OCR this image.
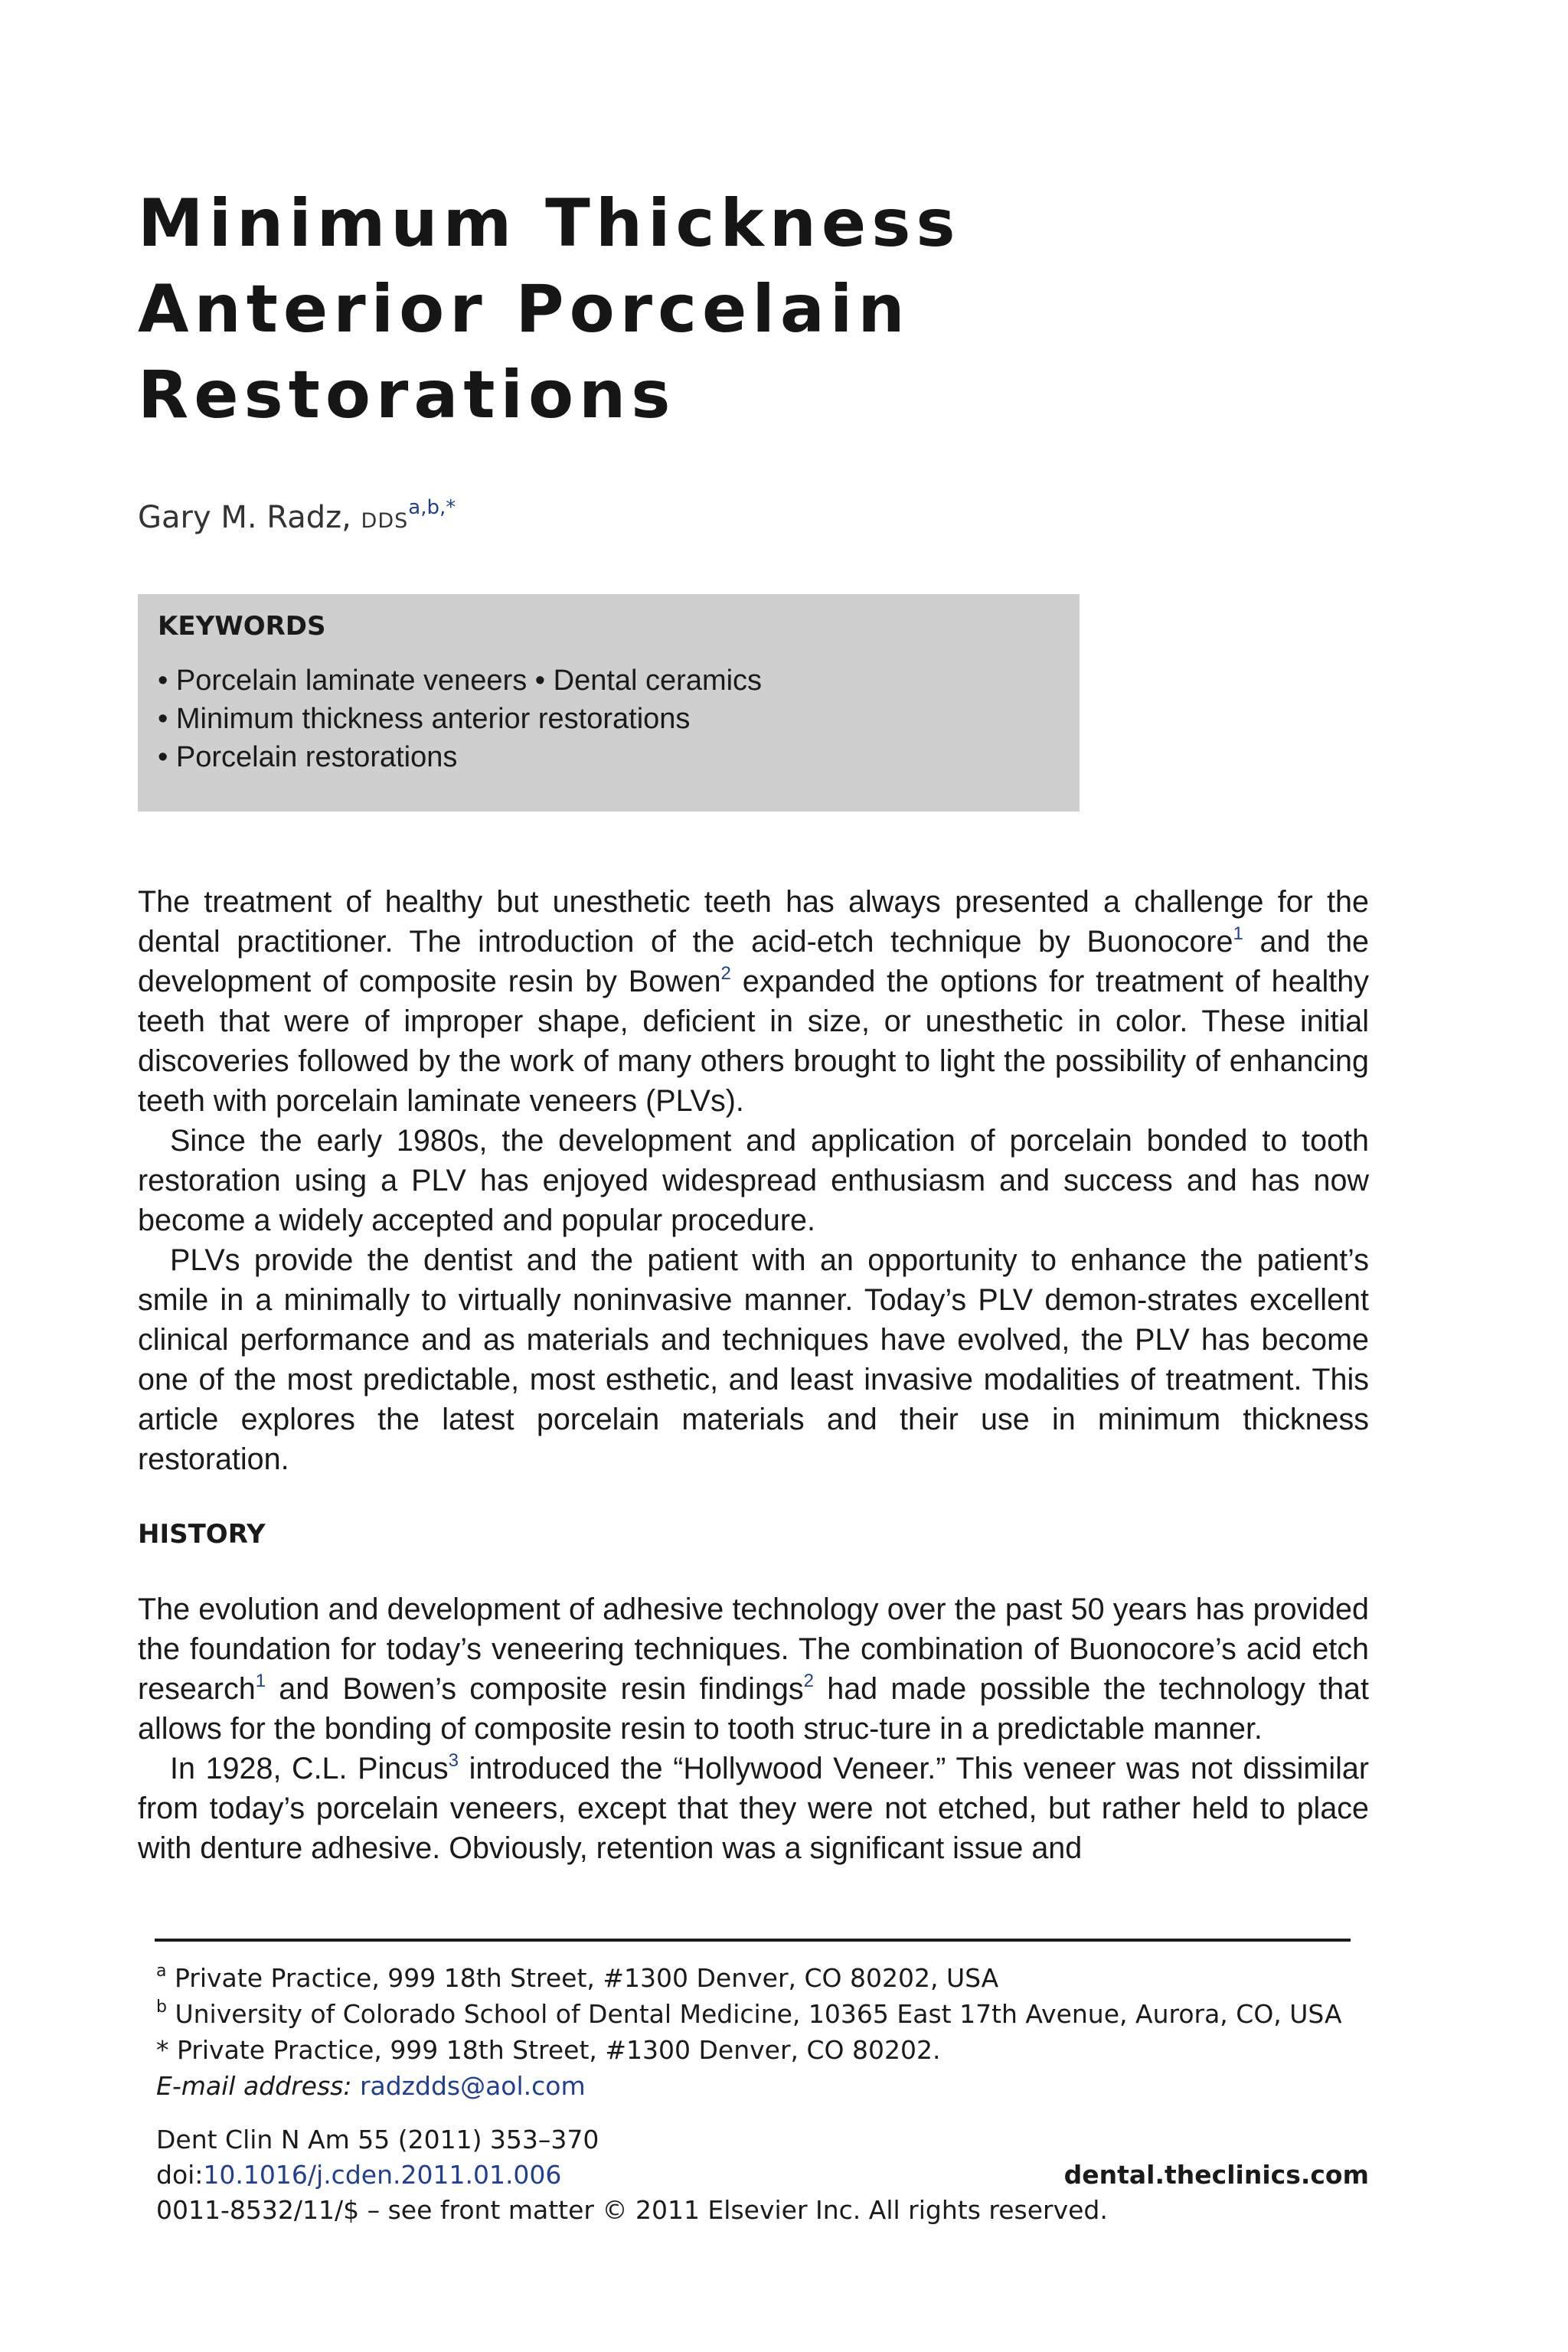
Minimum Thickness
Anterior Porcelain
Restorations
Gary M. Radz, $DDS^{a,b,*}$
KEYWORDS
• Porcelain laminate veneers • Dental ceramics
• Minimum thickness anterior restorations
• Porcelain restorations

The treatment of healthy but unesthetic teeth has always presented a challenge for the dental practitioner. The introduction of the acid-etch technique by Buonocore$^1$ and the development of composite resin by Bowen$^2$ expanded the options for treatment of healthy teeth that were of improper shape, deficient in size, or unesthetic in color. These initial discoveries followed by the work of many others brought to light the possibility of enhancing teeth with porcelain laminate veneers (PLVs).

Since the early 1980s, the development and application of porcelain bonded to tooth restoration using a PLV has enjoyed widespread enthusiasm and success and has now become a widely accepted and popular procedure.

PLVs provide the dentist and the patient with an opportunity to enhance the patient’s smile in a minimally to virtually noninvasive manner. Today’s PLV demon-strates excellent clinical performance and as materials and techniques have evolved, the PLV has become one of the most predictable, most esthetic, and least invasive modalities of treatment. This article explores the latest porcelain materials and their use in minimum thickness restoration.

HISTORY

The evolution and development of adhesive technology over the past 50 years has provided the foundation for today’s veneering techniques. The combination of Buonocore’s acid etch research$^1$ and Bowen’s composite resin findings$^2$ had made possible the technology that allows for the bonding of composite resin to tooth struc-ture in a predictable manner.

In 1928, C.L. Pincus$^3$ introduced the “Hollywood Veneer.” This veneer was not dissimilar from today’s porcelain veneers, except that they were not etched, but rather held to place with denture adhesive. Obviously, retention was a significant issue and

$^a$ Private Practice, 999 18th Street, #1300 Denver, CO 80202, USA
$^b$ University of Colorado School of Dental Medicine, 10365 East 17th Avenue, Aurora, CO, USA
* Private Practice, 999 18th Street, #1300 Denver, CO 80202.
E-mail address: radzdds@aol.com
Dent Clin N Am 55 (2011) 353–370
doi:10.1016/j.cden.2011.01.006
0011-8532/11/$ – see front matter © 2011 Elsevier Inc. All rights reserved.
dental.theclinics.com
